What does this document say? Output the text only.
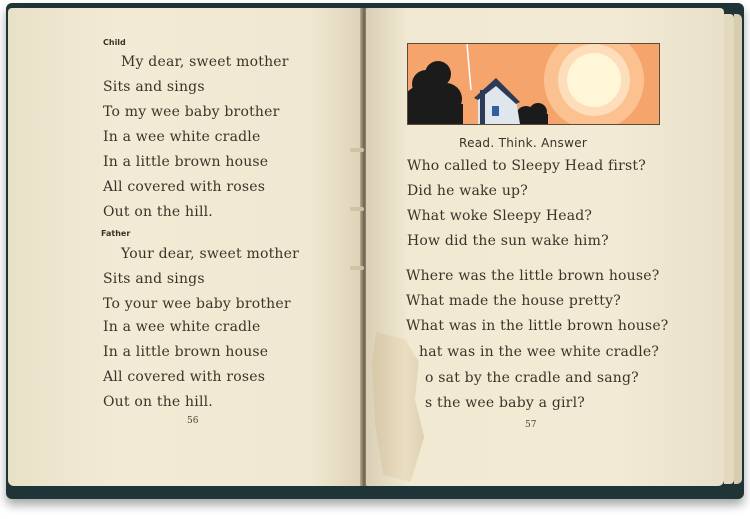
Child
My dear, sweet mother
Sits and sings
To my wee baby brother
In a wee white cradle
In a little brown house
All covered with roses
Out on the hill.
Father
Your dear, sweet mother
Sits and sings
To your wee baby brother
In a wee white cradle
In a little brown house
All covered with roses
Out on the hill.
56
Read. Think. Answer
Who called to Sleepy Head first?
Did he wake up?
What woke Sleepy Head?
How did the sun wake him?
Where was the little brown house?
What made the house pretty?
What was in the little brown house?
hat was in the wee white cradle?
o sat by the cradle and sang?
s the wee baby a girl?
57
